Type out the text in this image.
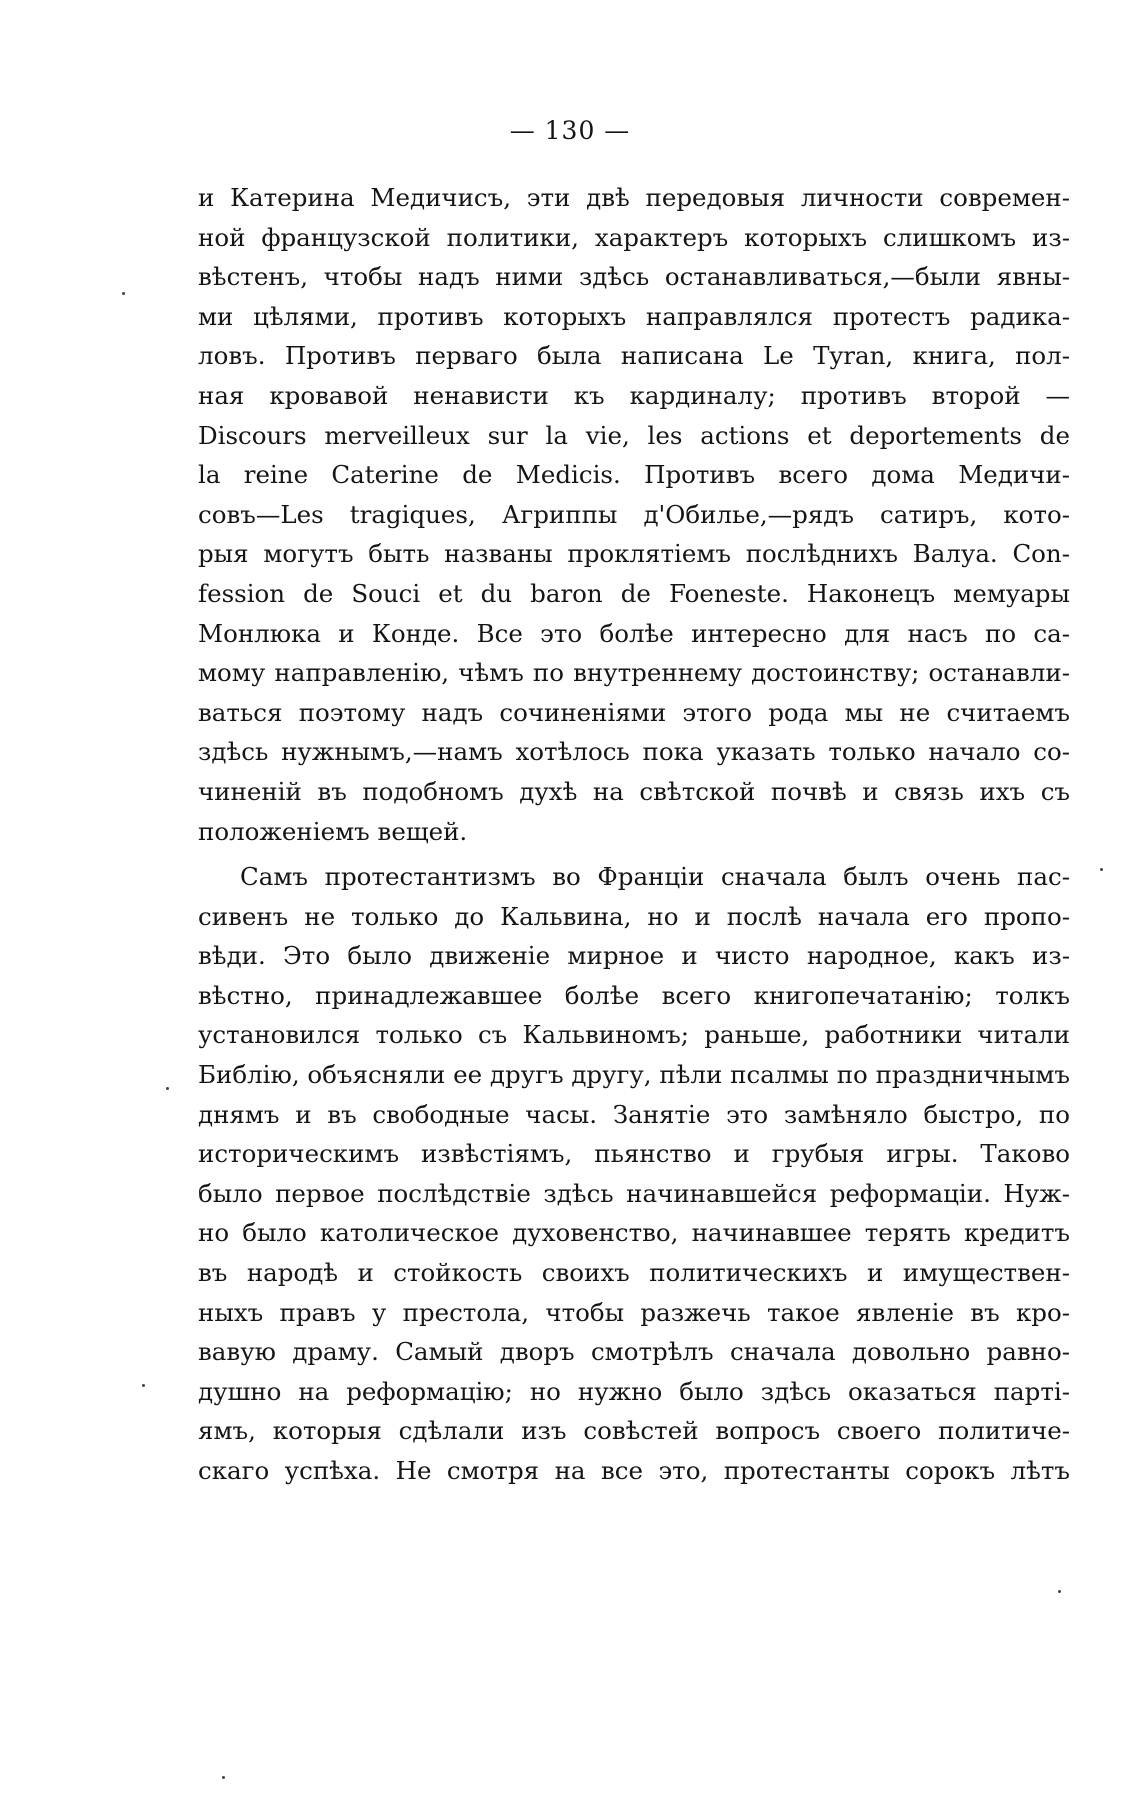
— 130 —
и Катерина Медичисъ, эти двѣ передовыя личности современ-
ной французской политики, характеръ которыхъ слишкомъ из-
вѣстенъ, чтобы надъ ними здѣсь останавливаться,—были явны-
ми цѣлями, противъ которыхъ направлялся протестъ радика-
ловъ. Противъ перваго была написана Le Tyran, книга, пол-
ная кровавой ненависти къ кардиналу; противъ второй —
Discours merveilleux sur la vie, les actions et deportements de
la reine Caterine de Medicis. Противъ всего дома Медичи-
совъ—Les tragiques, Агриппы д'Обилье,—рядъ сатиръ, кото-
рыя могутъ быть названы проклятіемъ послѣднихъ Валуа. Con-
fession de Souci et du baron de Foeneste. Наконецъ мемуары
Монлюка и Конде. Все это болѣе интересно для насъ по са-
мому направленію, чѣмъ по внутреннему достоинству; останавли-
ваться поэтому надъ сочиненіями этого рода мы не считаемъ
здѣсь нужнымъ,—намъ хотѣлось пока указать только начало со-
чиненій въ подобномъ духѣ на свѣтской почвѣ и связь ихъ съ
положеніемъ вещей.
Самъ протестантизмъ во Франціи сначала былъ очень пас-
сивенъ не только до Кальвина, но и послѣ начала его пропо-
вѣди. Это было движеніе мирное и чисто народное, какъ из-
вѣстно, принадлежавшее болѣе всего книгопечатанію; толкъ
установился только съ Кальвиномъ; раньше, работники читали
Библію, объясняли ее другъ другу, пѣли псалмы по праздничнымъ
днямъ и въ свободные часы. Занятіе это замѣняло быстро, по
историческимъ извѣстіямъ, пьянство и грубыя игры. Таково
было первое послѣдствіе здѣсь начинавшейся реформаціи. Нуж-
но было католическое духовенство, начинавшее терять кредитъ
въ народѣ и стойкость своихъ политическихъ и имуществен-
ныхъ правъ у престола, чтобы разжечь такое явленіе въ кро-
вавую драму. Самый дворъ смотрѣлъ сначала довольно равно-
душно на реформацію; но нужно было здѣсь оказаться парті-
ямъ, которыя сдѣлали изъ совѣстей вопросъ своего политиче-
скаго успѣха. Не смотря на все это, протестанты сорокъ лѣтъ
